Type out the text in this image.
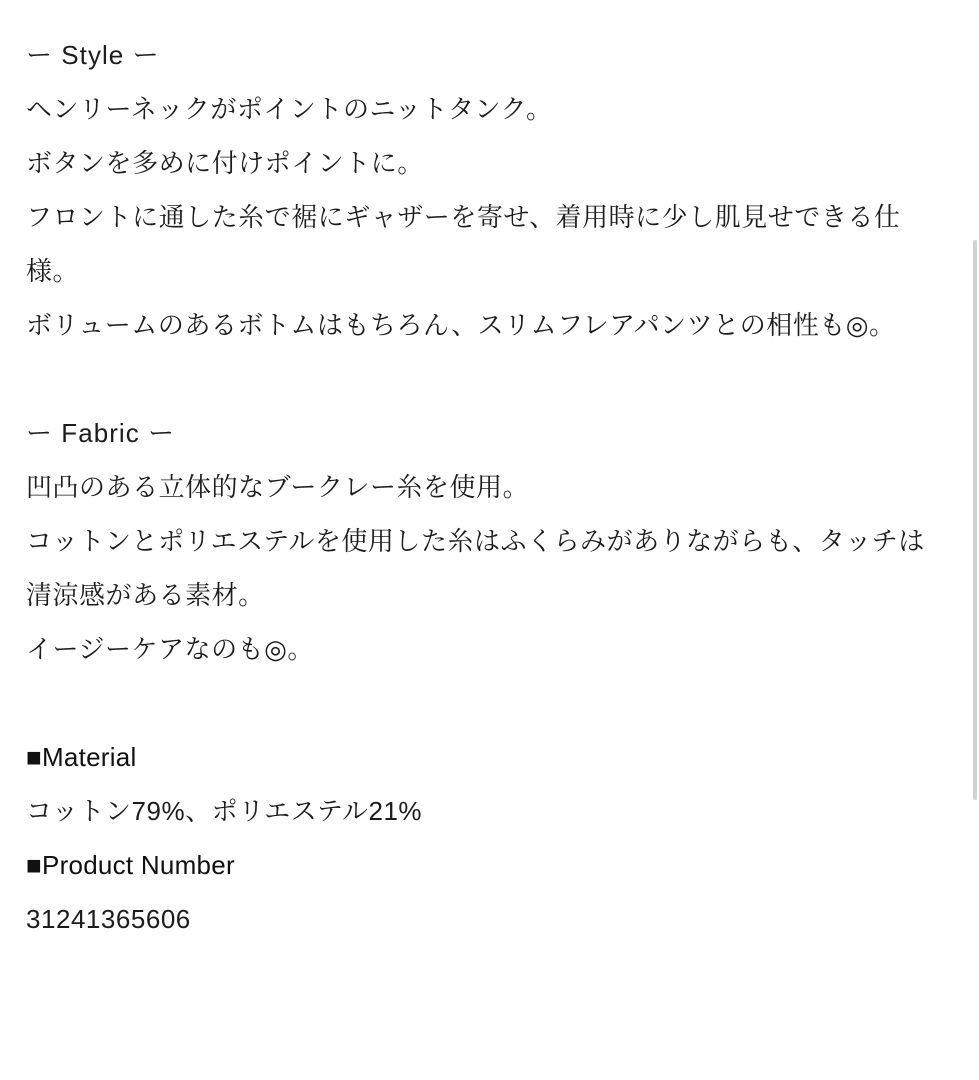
ー Style ー
ヘンリーネックがポイントのニットタンク。
ボタンを多めに付けポイントに。
フロントに通した糸で裾にギャザーを寄せ、着用時に少し肌見せできる仕様。
ボリュームのあるボトムはもちろん、スリムフレアパンツとの相性も◎。
ー Fabric ー
凹凸のある立体的なブークレー糸を使用。
コットンとポリエステルを使用した糸はふくらみがありながらも、タッチは清涼感がある素材。
イージーケアなのも◎。
■Material
コットン79%、ポリエステル21%
■Product Number
31241365606
